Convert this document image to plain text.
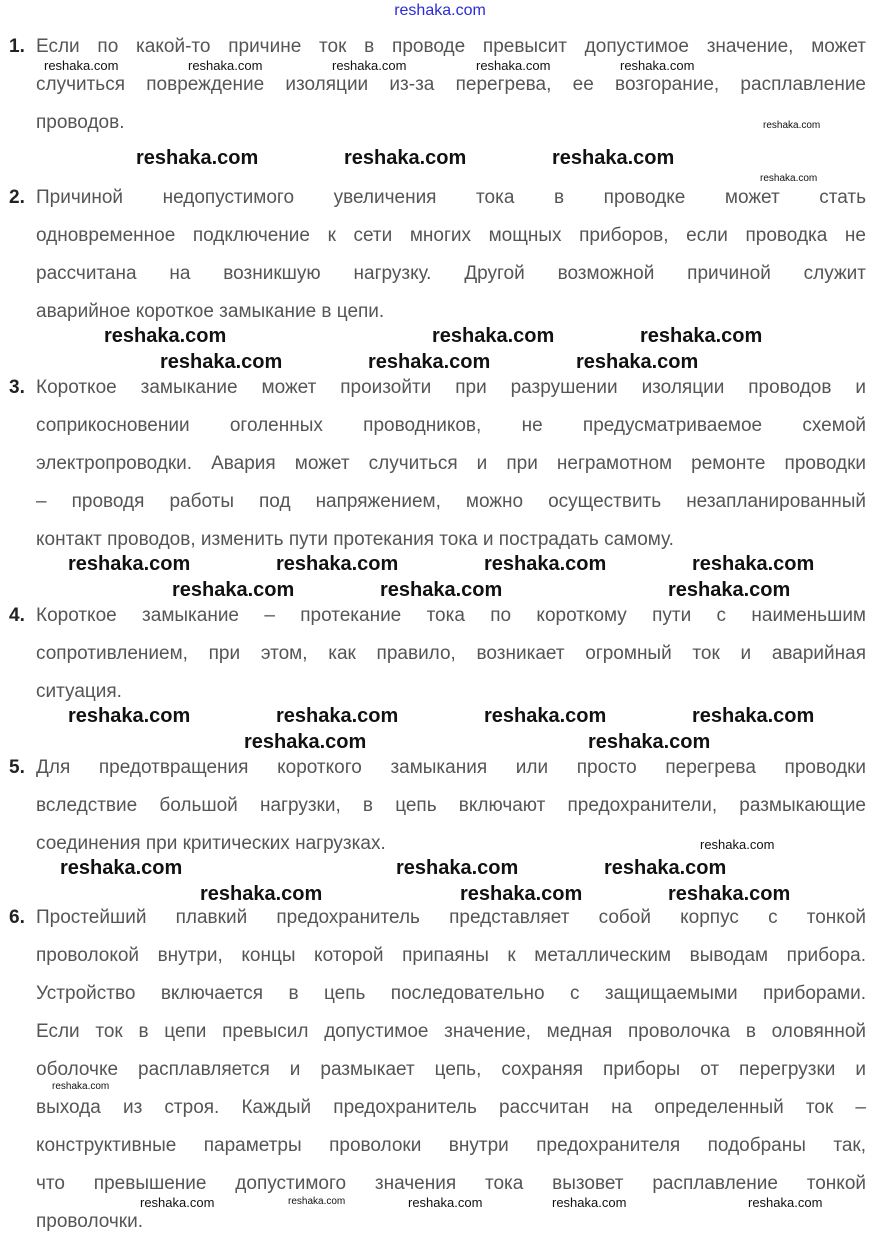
reshaka.com
1. Если по какой-то причине ток в проводе превысит допустимое значение, может
случиться повреждение изоляции из-за перегрева, ее возгорание, расплавление
проводов.
2. Причиной недопустимого увеличения тока в проводке может стать
одновременное подключение к сети многих мощных приборов, если проводка не
рассчитана на возникшую нагрузку. Другой возможной причиной служит
аварийное короткое замыкание в цепи.
3. Короткое замыкание может произойти при разрушении изоляции проводов и
соприкосновении оголенных проводников, не предусматриваемое схемой
электропроводки. Авария может случиться и при неграмотном ремонте проводки
– проводя работы под напряжением, можно осуществить незапланированный
контакт проводов, изменить пути протекания тока и пострадать самому.
4. Короткое замыкание – протекание тока по короткому пути с наименьшим
сопротивлением, при этом, как правило, возникает огромный ток и аварийная
ситуация.
5. Для предотвращения короткого замыкания или просто перегрева проводки
вследствие большой нагрузки, в цепь включают предохранители, размыкающие
соединения при критических нагрузках.
6. Простейший плавкий предохранитель представляет собой корпус с тонкой
проволокой внутри, концы которой припаяны к металлическим выводам прибора.
Устройство включается в цепь последовательно с защищаемыми приборами.
Если ток в цепи превысил допустимое значение, медная проволочка в оловянной
оболочке расплавляется и размыкает цепь, сохраняя приборы от перегрузки и
выхода из строя. Каждый предохранитель рассчитан на определенный ток –
конструктивные параметры проволоки внутри предохранителя подобраны так,
что превышение допустимого значения тока вызовет расплавление тонкой
проволочки.
reshaka.com	reshaka.com	reshaka.com	reshaka.com	reshaka.com
reshaka.com
reshaka.com
reshaka.com	reshaka.com	reshaka.com
reshaka.com	reshaka.com	reshaka.com
reshaka.com	reshaka.com	reshaka.com
reshaka.com	reshaka.com	reshaka.com	reshaka.com
reshaka.com	reshaka.com	reshaka.com
reshaka.com	reshaka.com	reshaka.com	reshaka.com
reshaka.com	reshaka.com
reshaka.com
reshaka.com	reshaka.com	reshaka.com
reshaka.com	reshaka.com	reshaka.com
reshaka.com
reshaka.com	reshaka.com	reshaka.com	reshaka.com	reshaka.com
